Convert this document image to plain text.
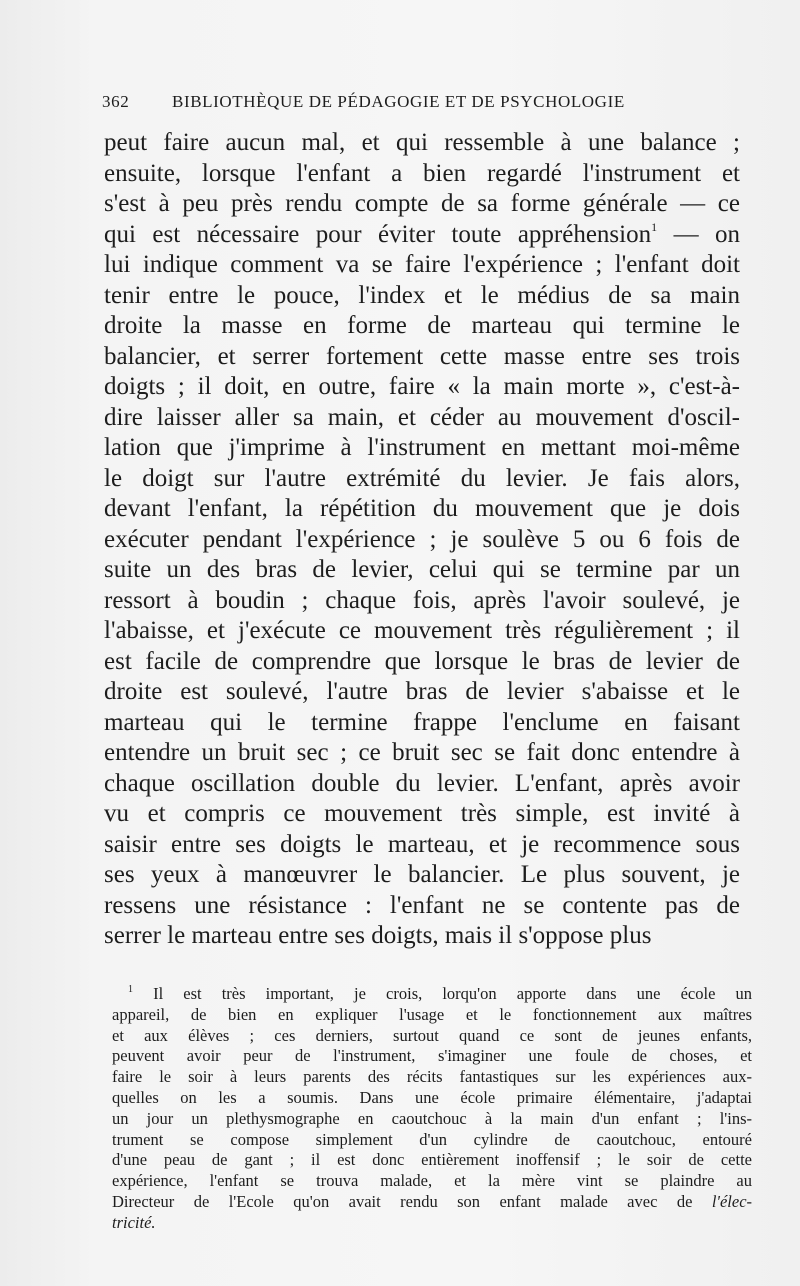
362	BIBLIOTHÈQUE DE PÉDAGOGIE ET DE PSYCHOLOGIE
peut faire aucun mal, et qui ressemble à une balance ;
ensuite, lorsque l'enfant a bien regardé l'instrument et
s'est à peu près rendu compte de sa forme générale — ce
qui est nécessaire pour éviter toute appréhension$^1$ — on
lui indique comment va se faire l'expérience ; l'enfant doit
tenir entre le pouce, l'index et le médius de sa main
droite la masse en forme de marteau qui termine le
balancier, et serrer fortement cette masse entre ses trois
doigts ; il doit, en outre, faire « la main morte », c'est-à-
dire laisser aller sa main, et céder au mouvement d'oscil-
lation que j'imprime à l'instrument en mettant moi-même
le doigt sur l'autre extrémité du levier. Je fais alors,
devant l'enfant, la répétition du mouvement que je dois
exécuter pendant l'expérience ; je soulève 5 ou 6 fois de
suite un des bras de levier, celui qui se termine par un
ressort à boudin ; chaque fois, après l'avoir soulevé, je
l'abaisse, et j'exécute ce mouvement très régulièrement ; il
est facile de comprendre que lorsque le bras de levier de
droite est soulevé, l'autre bras de levier s'abaisse et le
marteau qui le termine frappe l'enclume en faisant
entendre un bruit sec ; ce bruit sec se fait donc entendre à
chaque oscillation double du levier. L'enfant, après avoir
vu et compris ce mouvement très simple, est invité à
saisir entre ses doigts le marteau, et je recommence sous
ses yeux à manœuvrer le balancier. Le plus souvent, je
ressens une résistance : l'enfant ne se contente pas de
serrer le marteau entre ses doigts, mais il s'oppose plus
$^1$ Il est très important, je crois, lorqu'on apporte dans une école un
appareil, de bien en expliquer l'usage et le fonctionnement aux maîtres
et aux élèves ; ces derniers, surtout quand ce sont de jeunes enfants,
peuvent avoir peur de l'instrument, s'imaginer une foule de choses, et
faire le soir à leurs parents des récits fantastiques sur les expériences aux-
quelles on les a soumis. Dans une école primaire élémentaire, j'adaptai
un jour un plethysmographe en caoutchouc à la main d'un enfant ; l'ins-
trument se compose simplement d'un cylindre de caoutchouc, entouré
d'une peau de gant ; il est donc entièrement inoffensif ; le soir de cette
expérience, l'enfant se trouva malade, et la mère vint se plaindre au
Directeur de l'Ecole qu'on avait rendu son enfant malade avec de l'élec-
tricité.
